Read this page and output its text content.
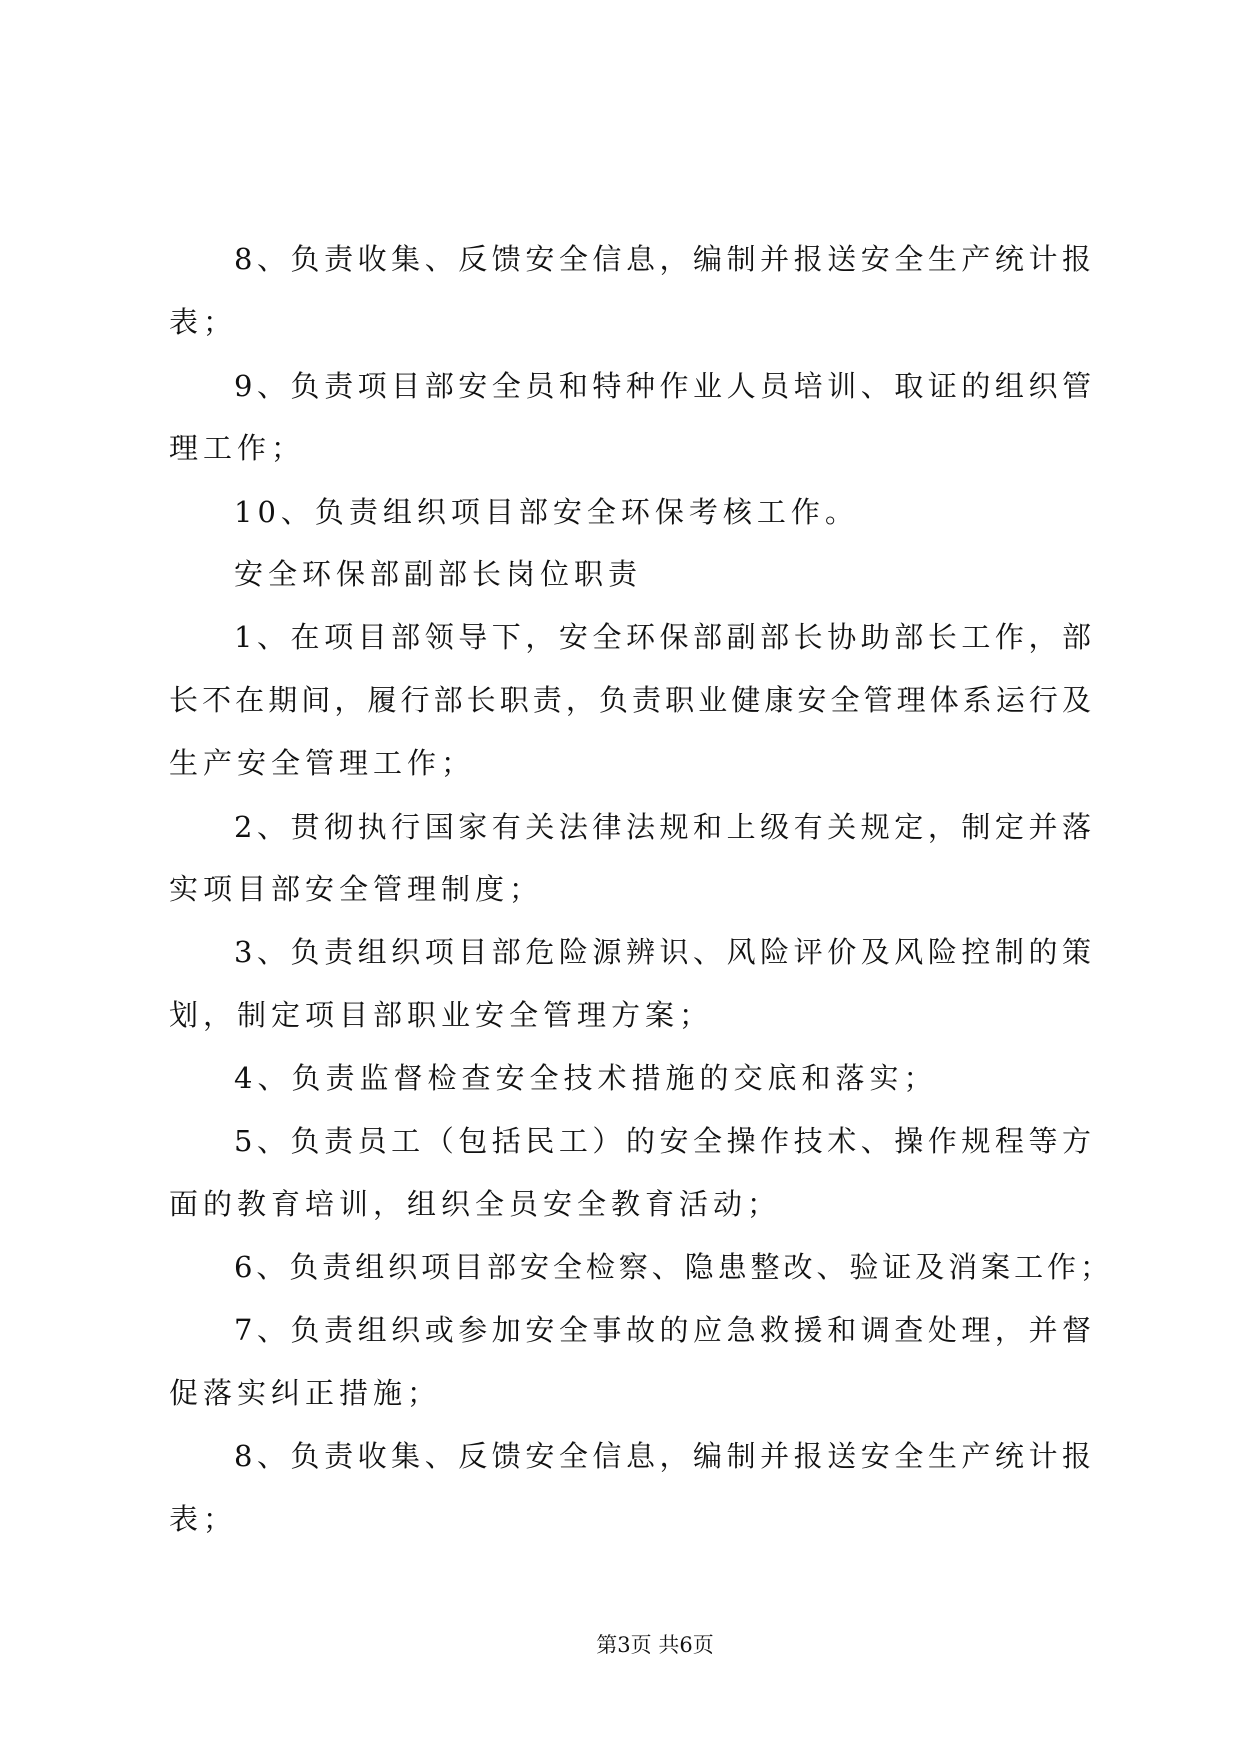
8、负责收集、反馈安全信息，编制并报送安全生产统计报
表；
9、负责项目部安全员和特种作业人员培训、取证的组织管
理工作；
10、负责组织项目部安全环保考核工作。
安全环保部副部长岗位职责
1、在项目部领导下，安全环保部副部长协助部长工作，部
长不在期间，履行部长职责，负责职业健康安全管理体系运行及
生产安全管理工作；
2、贯彻执行国家有关法律法规和上级有关规定，制定并落
实项目部安全管理制度；
3、负责组织项目部危险源辨识、风险评价及风险控制的策
划，制定项目部职业安全管理方案；
4、负责监督检查安全技术措施的交底和落实；
5、负责员工（包括民工）的安全操作技术、操作规程等方
面的教育培训，组织全员安全教育活动；
6、负责组织项目部安全检察、隐患整改、验证及消案工作；
7、负责组织或参加安全事故的应急救援和调查处理，并督
促落实纠正措施；
8、负责收集、反馈安全信息，编制并报送安全生产统计报
表；
第3页 共6页
